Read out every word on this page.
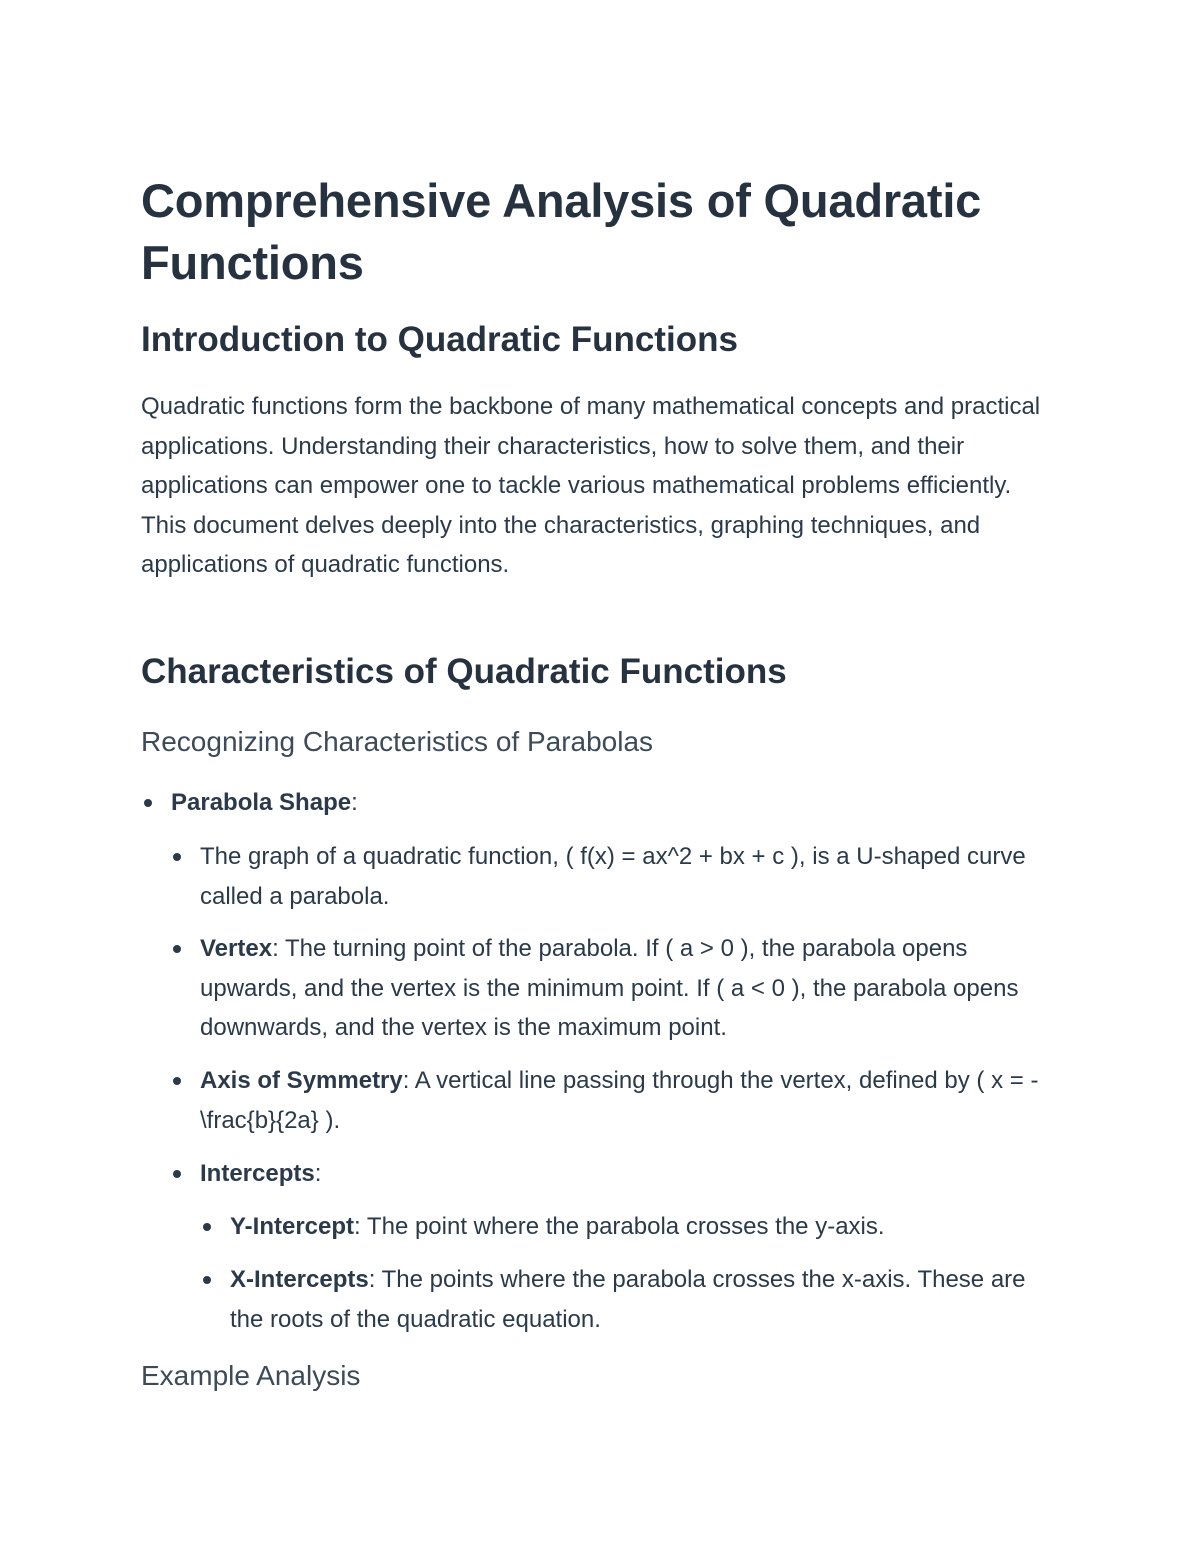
Comprehensive Analysis of Quadratic Functions
Introduction to Quadratic Functions

Quadratic functions form the backbone of many mathematical concepts and practical applications. Understanding their characteristics, how to solve them, and their applications can empower one to tackle various mathematical problems efficiently. This document delves deeply into the characteristics, graphing techniques, and applications of quadratic functions.

Characteristics of Quadratic Functions
Recognizing Characteristics of Parabolas
Parabola Shape:
The graph of a quadratic function, ( f(x) = ax^2 + bx + c ), is a U-shaped curve called a parabola.
Vertex: The turning point of the parabola. If ( a > 0 ), the parabola opens upwards, and the vertex is the minimum point. If ( a < 0 ), the parabola opens downwards, and the vertex is the maximum point.
Axis of Symmetry: A vertical line passing through the vertex, defined by ( x = -\frac{b}{2a} ).
Intercepts:
Y-Intercept: The point where the parabola crosses the y-axis.
X-Intercepts: The points where the parabola crosses the x-axis. These are the roots of the quadratic equation.
Example Analysis
